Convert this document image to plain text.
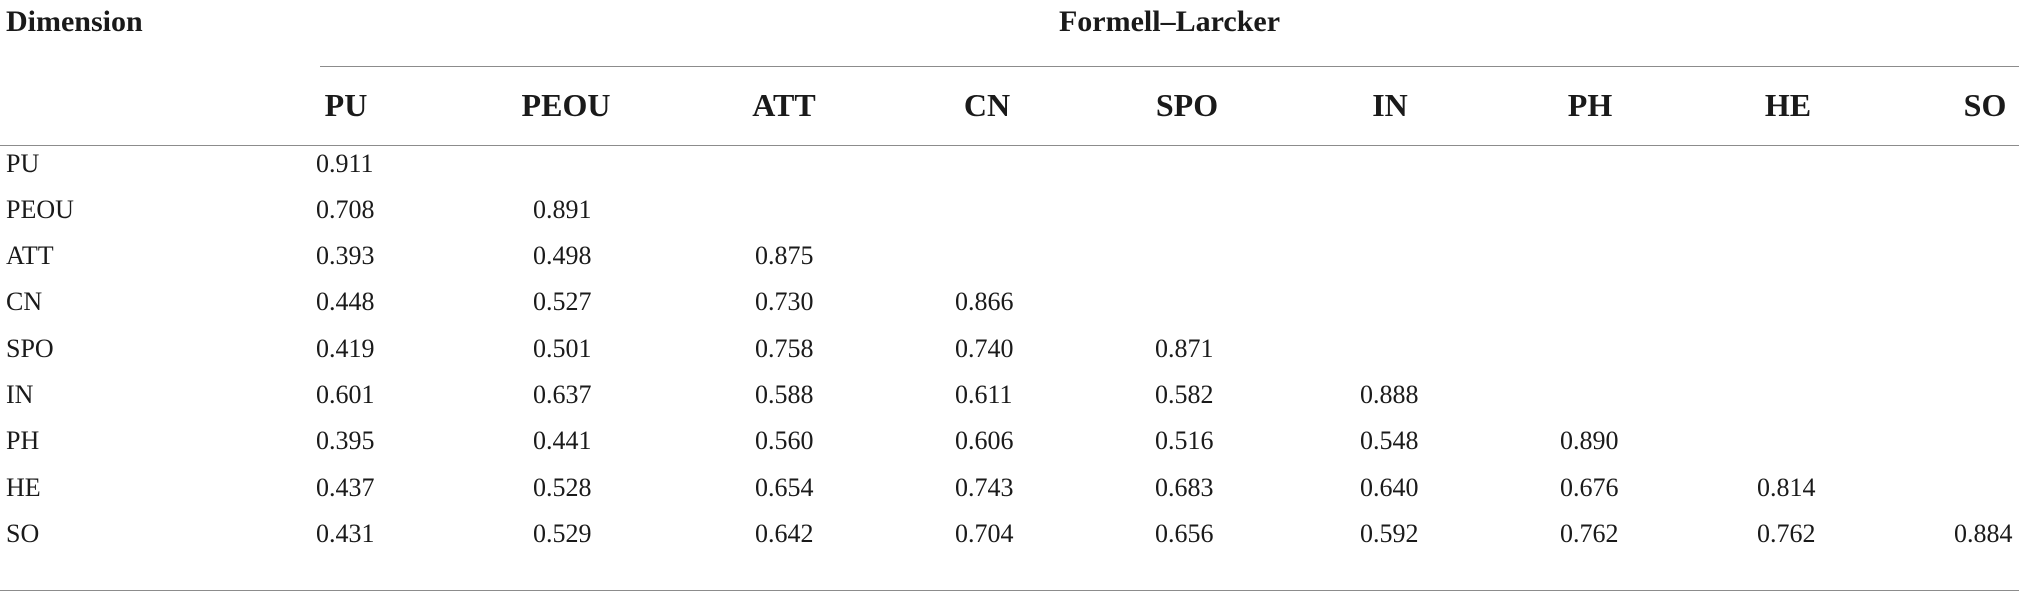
Dimension	Formell–Larcker
PU	PEOU	ATT	CN	SPO	IN	PH	HE	SO
PU	0.911
PEOU	0.708	0.891
ATT	0.393	0.498	0.875
CN	0.448	0.527	0.730	0.866
SPO	0.419	0.501	0.758	0.740	0.871
IN	0.601	0.637	0.588	0.611	0.582	0.888
PH	0.395	0.441	0.560	0.606	0.516	0.548	0.890
HE	0.437	0.528	0.654	0.743	0.683	0.640	0.676	0.814
SO	0.431	0.529	0.642	0.704	0.656	0.592	0.762	0.762	0.884
